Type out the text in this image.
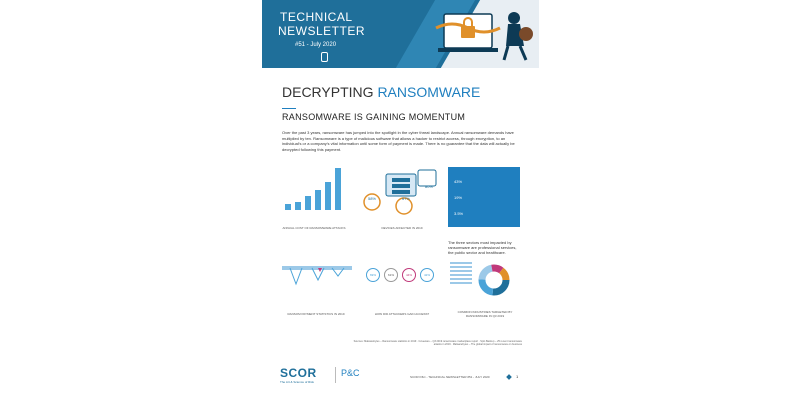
TECHNICAL
NEWSLETTER
#51 - July 2020
DECRYPTING RANSOMWARE
RANSOMWARE IS GAINING MOMENTUM
Over the past 3 years, ransomware has jumped into the spotlight in the cyber threat landscape. Annual ransomware demands have multiplied by ten. Ransomware is a type of malicious software that allows a hacker to restrict access, through encryption, to an individual's or a company's vital information until some form of payment is made. There is no guarantee that the data will actually be decrypted following this payment.
ANNUAL COST OF RANSOMWARE ATTACKS
58%	67%
80%
DEVICES AFFECTED IN 2019
43%
19%
3.5%
The three sectors most impacted by ransomware are professional services, the public sector and healthcare.
RANSOM PAYMENT STATISTICS IN 2019
69%	61%	44%	42%
HOW DID ATTACKERS GAIN ACCESS?	COMMON INDUSTRIES TARGETED BY RANSOMWARE IN Q3 2019
Sources: Malwarebytes – Ransomware statistics in 2019 · Coveware – Q3 2019 ransomware marketplace report · Spin Backup – 25 recent ransomware attacks in 2019 · Malwarebytes – The global impact of ransomware on business
SCOR
The Art & Science of Risk
P&C	SCOR P&C - TECHNICAL NEWSLETTER #51 - JULY 2020	1
